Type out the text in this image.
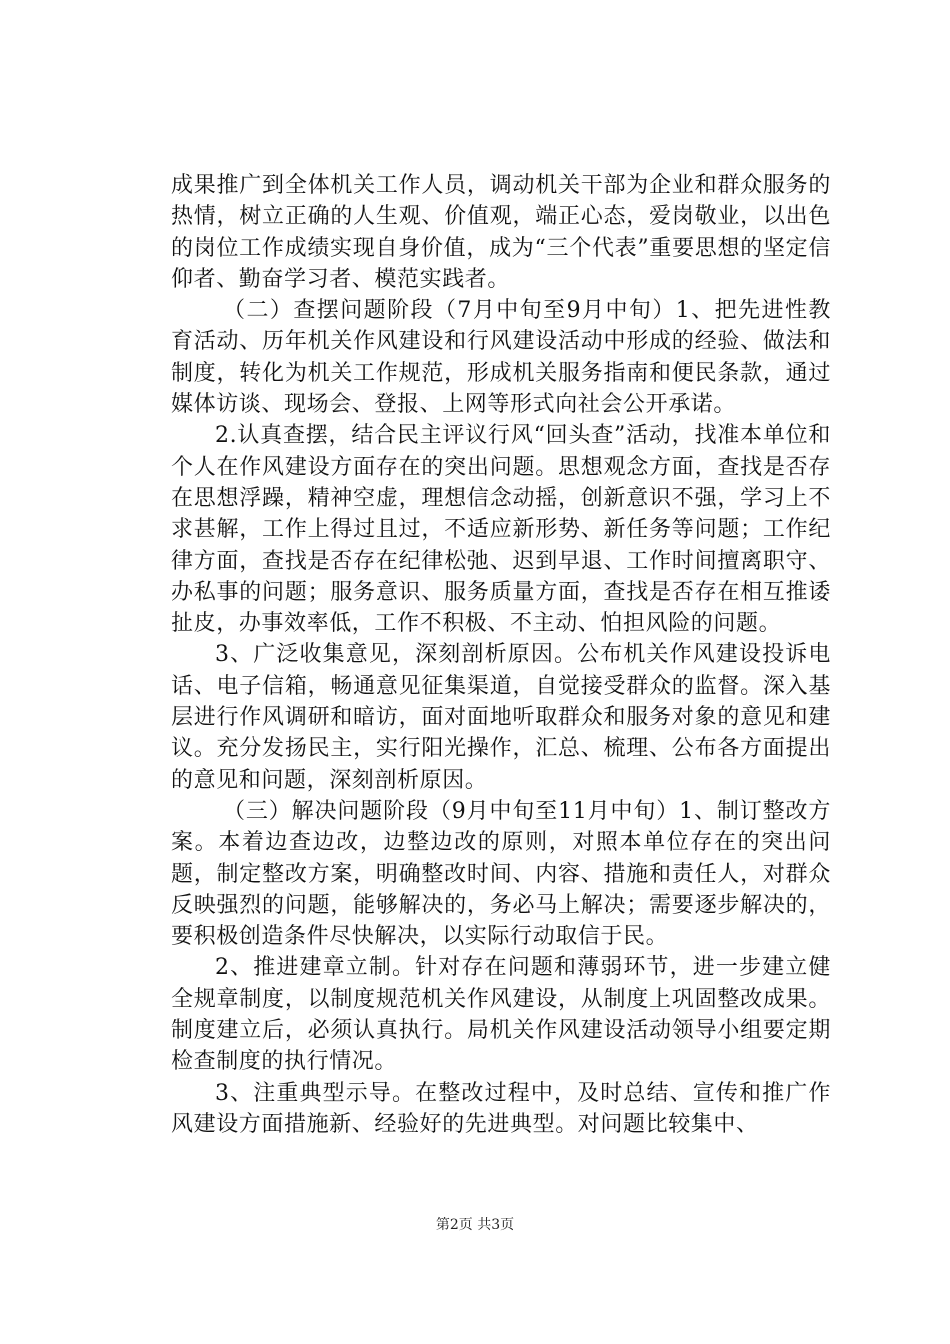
成果推广到全体机关工作人员，调动机关干部为企业和群众服务的热情，树立正确的人生观、价值观，端正心态，爱岗敬业，以出色的岗位工作成绩实现自身价值，成为“三个代表”重要思想的坚定信仰者、勤奋学习者、模范实践者。

（二）查摆问题阶段（7月中旬至9月中旬）1、把先进性教育活动、历年机关作风建设和行风建设活动中形成的经验、做法和制度，转化为机关工作规范，形成机关服务指南和便民条款，通过媒体访谈、现场会、登报、上网等形式向社会公开承诺。

2.认真查摆，结合民主评议行风“回头查”活动，找准本单位和个人在作风建设方面存在的突出问题。思想观念方面，查找是否存在思想浮躁，精神空虚，理想信念动摇，创新意识不强，学习上不求甚解，工作上得过且过，不适应新形势、新任务等问题；工作纪律方面，查找是否存在纪律松弛、迟到早退、工作时间擅离职守、办私事的问题；服务意识、服务质量方面，查找是否存在相互推诿扯皮，办事效率低，工作不积极、不主动、怕担风险的问题。

3、广泛收集意见，深刻剖析原因。公布机关作风建设投诉电话、电子信箱，畅通意见征集渠道，自觉接受群众的监督。深入基层进行作风调研和暗访，面对面地听取群众和服务对象的意见和建议。充分发扬民主，实行阳光操作，汇总、梳理、公布各方面提出的意见和问题，深刻剖析原因。

（三）解决问题阶段（9月中旬至11月中旬）1、制订整改方案。本着边查边改，边整边改的原则，对照本单位存在的突出问题，制定整改方案，明确整改时间、内容、措施和责任人，对群众反映强烈的问题，能够解决的，务必马上解决；需要逐步解决的，要积极创造条件尽快解决，以实际行动取信于民。

2、推进建章立制。针对存在问题和薄弱环节，进一步建立健全规章制度，以制度规范机关作风建设，从制度上巩固整改成果。制度建立后，必须认真执行。局机关作风建设活动领导小组要定期检查制度的执行情况。

3、注重典型示导。在整改过程中，及时总结、宣传和推广作风建设方面措施新、经验好的先进典型。对问题比较集中、

第2页 共3页
